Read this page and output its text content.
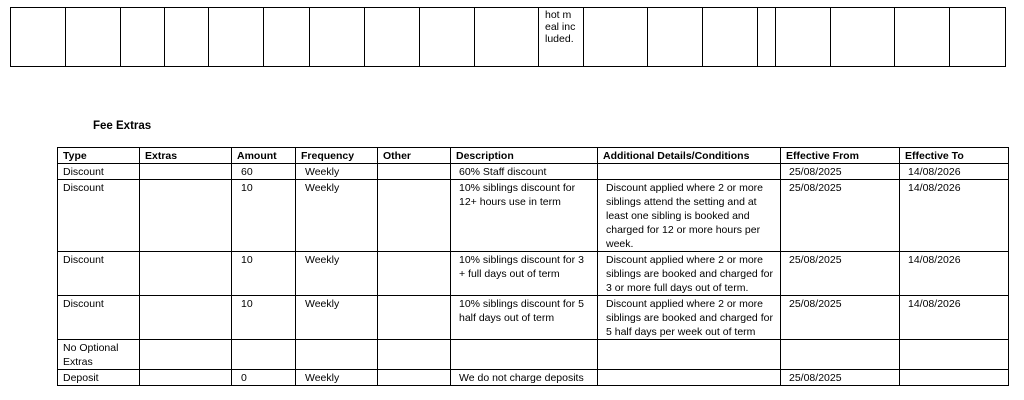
hot meal included.

Fee Extras
Type	Extras	Amount	Frequency	Other	Description	Additional Details/Conditions	Effective From	Effective To
Discount		60	Weekly		60% Staff discount		25/08/2025	14/08/2026
Discount		10	Weekly		10% siblings discount for 12+ hours use in term	Discount applied where 2 or more siblings attend the setting and at least one sibling is booked and charged for 12 or more hours per week.	25/08/2025	14/08/2026
Discount		10	Weekly		10% siblings discount for 3 + full days out of term	Discount applied where 2 or more siblings are booked and charged for 3 or more full days out of term.	25/08/2025	14/08/2026
Discount		10	Weekly		10% siblings discount for 5 half days out of term	Discount applied where 2 or more siblings are booked and charged for 5 half days per week out of term	25/08/2025	14/08/2026
No Optional Extras								
Deposit		0	Weekly		We do not charge deposits		25/08/2025	
